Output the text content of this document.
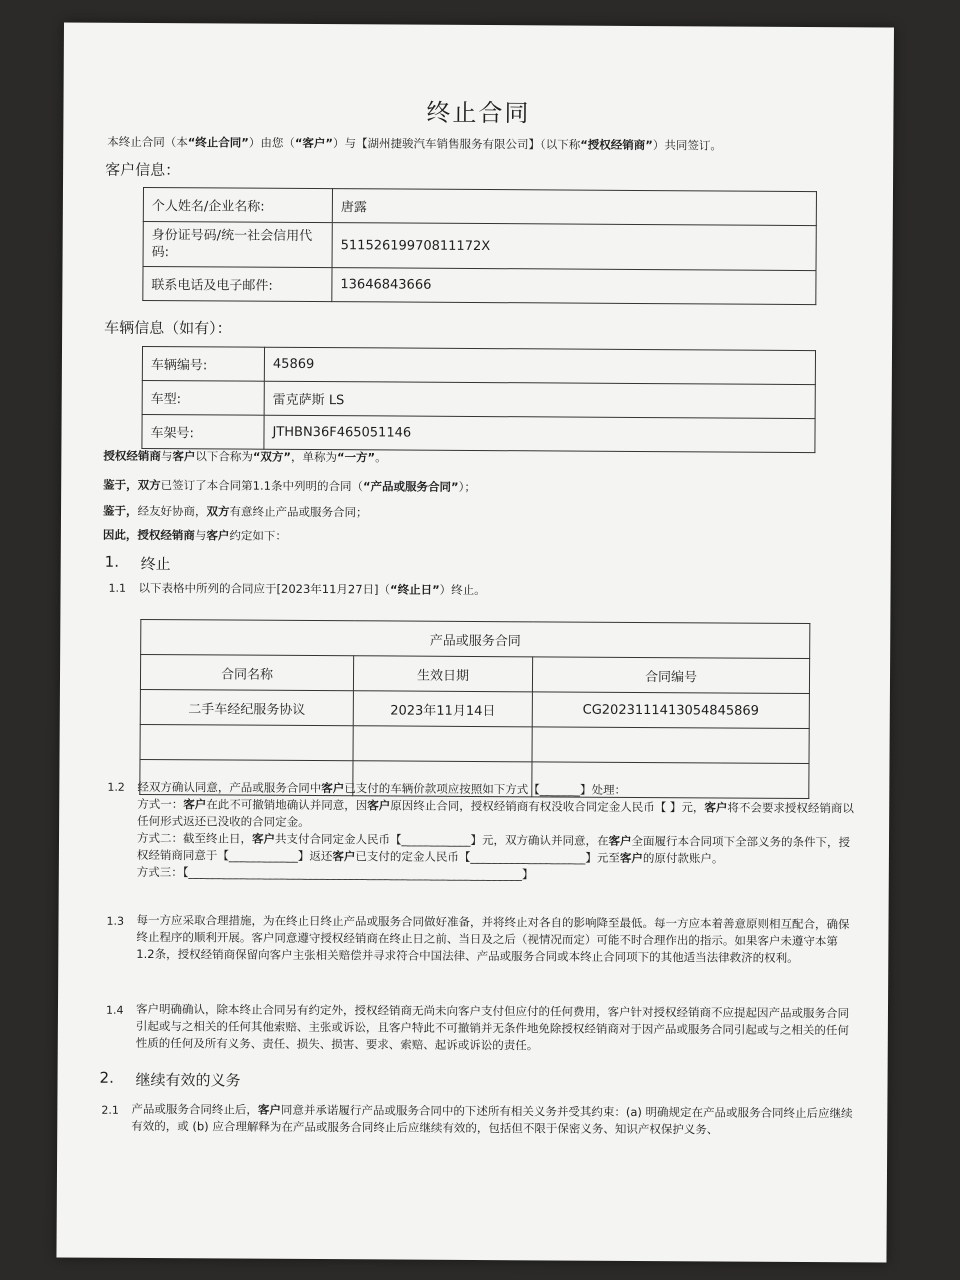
终止合同
本终止合同（本“终止合同”）由您（“客户”）与【湖州捷骏汽车销售服务有限公司】（以下称“授权经销商”）共同签订。
客户信息：
个人姓名/企业名称:	唐露
身份证号码/统一社会信用代码:	51152619970811172X
联系电话及电子邮件:	13646843666
车辆信息（如有）：
车辆编号:	45869
车型:	雷克萨斯 LS
车架号:	JTHBN36F465051146
授权经销商与客户以下合称为“双方”，单称为“一方”。
鉴于，双方已签订了本合同第1.1条中列明的合同（“产品或服务合同”）；
鉴于，经友好协商，双方有意终止产品或服务合同；
因此，授权经销商与客户约定如下：
1. 终止
1.1 以下表格中所列的合同应于[2023年11月27日]（“终止日”）终止。
产品或服务合同		
合同名称	生效日期	合同编号
二手车经纪服务协议	2023年11月14日	CG2023111413054845869

1.2 经双方确认同意，产品或服务合同中客户已支付的车辆价款项应按照如下方式【_______】处理：
方式一：客户在此不可撤销地确认并同意，因客户原因终止合同，授权经销商有权没收合同定金人民币【 】元，客户将不会要求授权经销商以任何形式返还已没收的合同定金。
方式二：截至终止日，客户共支付合同定金人民币【____________】元，双方确认并同意，在客户全面履行本合同项下全部义务的条件下，授权经销商同意于【____________】返还客户已支付的定金人民币【____________________】元至客户的原付款账户。
方式三：【__________________________________________________________】
1.3 每一方应采取合理措施，为在终止日终止产品或服务合同做好准备，并将终止对各自的影响降至最低。每一方应本着善意原则相互配合，确保终止程序的顺利开展。客户同意遵守授权经销商在终止日之前、当日及之后（视情况而定）可能不时合理作出的指示。如果客户未遵守本第1.2条，授权经销商保留向客户主张相关赔偿并寻求符合中国法律、产品或服务合同或本终止合同项下的其他适当法律救济的权利。
1.4 客户明确确认，除本终止合同另有约定外，授权经销商无尚未向客户支付但应付的任何费用，客户针对授权经销商不应提起因产品或服务合同引起或与之相关的任何其他索赔、主张或诉讼，且客户特此不可撤销并无条件地免除授权经销商对于因产品或服务合同引起或与之相关的任何性质的任何及所有义务、责任、损失、损害、要求、索赔、起诉或诉讼的责任。
2. 继续有效的义务
2.1 产品或服务合同终止后，客户同意并承诺履行产品或服务合同中的下述所有相关义务并受其约束：(a) 明确规定在产品或服务合同终止后应继续有效的，或 (b) 应合理解释为在产品或服务合同终止后应继续有效的，包括但不限于保密义务、知识产权保护义务、
